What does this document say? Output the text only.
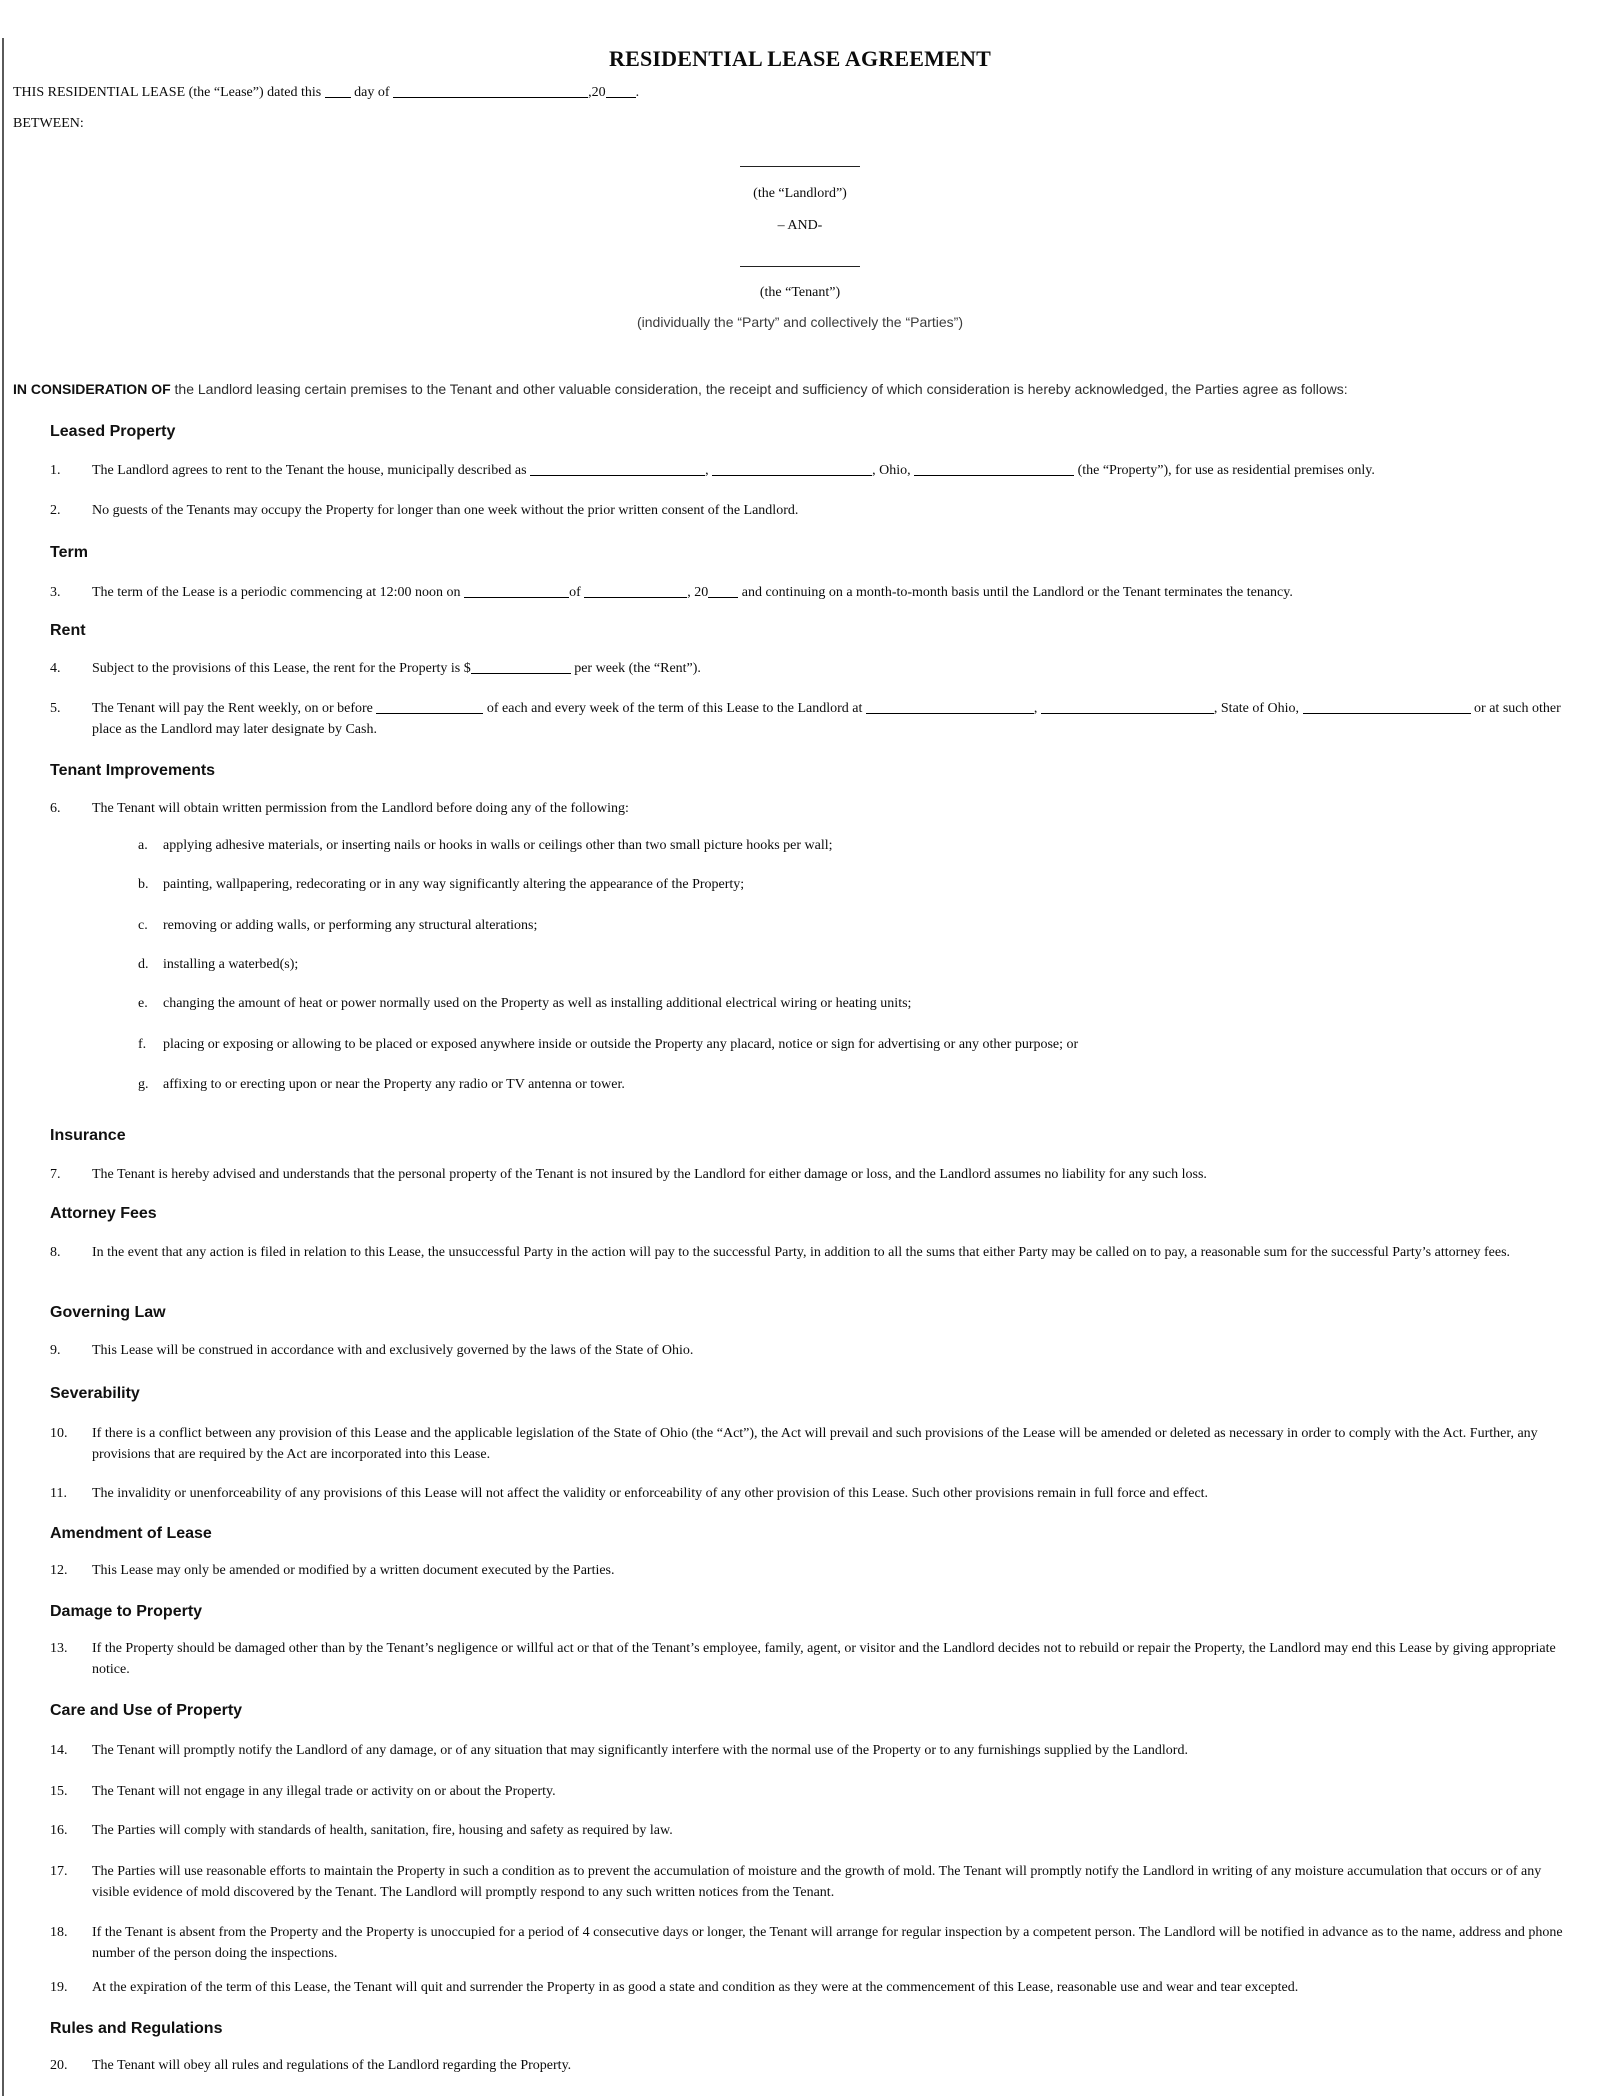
RESIDENTIAL LEASE AGREEMENT
THIS RESIDENTIAL LEASE (the “Lease”) dated this  day of	,20 .
BETWEEN:
(the “Landlord”)
– AND-
(the “Tenant”)
(individually the “Party” and collectively the “Parties”)
IN CONSIDERATION OF the Landlord leasing certain premises to the Tenant and other valuable consideration, the receipt and sufficiency of which consideration is hereby acknowledged, the Parties agree as follows:
Leased Property
1.	The Landlord agrees to rent to the Tenant the house, municipally described as	,	, Ohio,	(the “Property”), for use as residential premises only.
2.	No guests of the Tenants may occupy the Property for longer than one week without the prior written consent of the Landlord.
Term
3.	The term of the Lease is a periodic commencing at 12:00 noon on	of	, 20 and continuing on a month-to-month basis until the Landlord or the Tenant terminates the tenancy.
Rent
4.	Subject to the provisions of this Lease, the rent for the Property is $	per week (the “Rent”).
5.	The Tenant will pay the Rent weekly, on or before	of each and every week of the term of this Lease to the Landlord at	,	, State of Ohio,	or at such other place as the Landlord may later designate by Cash.
Tenant Improvements
6.	The Tenant will obtain written permission from the Landlord before doing any of the following:
a.	applying adhesive materials, or inserting nails or hooks in walls or ceilings other than two small picture hooks per wall;
b.	painting, wallpapering, redecorating or in any way significantly altering the appearance of the Property;
c.	removing or adding walls, or performing any structural alterations;
d.	installing a waterbed(s);
e.	changing the amount of heat or power normally used on the Property as well as installing additional electrical wiring or heating units;
f.	placing or exposing or allowing to be placed or exposed anywhere inside or outside the Property any placard, notice or sign for advertising or any other purpose; or
g.	affixing to or erecting upon or near the Property any radio or TV antenna or tower.
Insurance
7.	The Tenant is hereby advised and understands that the personal property of the Tenant is not insured by the Landlord for either damage or loss, and the Landlord assumes no liability for any such loss.
Attorney Fees
8.	In the event that any action is filed in relation to this Lease, the unsuccessful Party in the action will pay to the successful Party, in addition to all the sums that either Party may be called on to pay, a reasonable sum for the successful Party’s attorney fees.
Governing Law
9.	This Lease will be construed in accordance with and exclusively governed by the laws of the State of Ohio.
Severability
10.	If there is a conflict between any provision of this Lease and the applicable legislation of the State of Ohio (the “Act”), the Act will prevail and such provisions of the Lease will be amended or deleted as necessary in order to comply with the Act. Further, any provisions that are required by the Act are incorporated into this Lease.
11.	The invalidity or unenforceability of any provisions of this Lease will not affect the validity or enforceability of any other provision of this Lease. Such other provisions remain in full force and effect.
Amendment of Lease
12.	This Lease may only be amended or modified by a written document executed by the Parties.
Damage to Property
13.	If the Property should be damaged other than by the Tenant’s negligence or willful act or that of the Tenant’s employee, family, agent, or visitor and the Landlord decides not to rebuild or repair the Property, the Landlord may end this Lease by giving appropriate notice.
Care and Use of Property
14.	The Tenant will promptly notify the Landlord of any damage, or of any situation that may significantly interfere with the normal use of the Property or to any furnishings supplied by the Landlord.
15.	The Tenant will not engage in any illegal trade or activity on or about the Property.
16.	The Parties will comply with standards of health, sanitation, fire, housing and safety as required by law.
17.	The Parties will use reasonable efforts to maintain the Property in such a condition as to prevent the accumulation of moisture and the growth of mold. The Tenant will promptly notify the Landlord in writing of any moisture accumulation that occurs or of any visible evidence of mold discovered by the Tenant. The Landlord will promptly respond to any such written notices from the Tenant.
18.	If the Tenant is absent from the Property and the Property is unoccupied for a period of 4 consecutive days or longer, the Tenant will arrange for regular inspection by a competent person. The Landlord will be notified in advance as to the name, address and phone number of the person doing the inspections.
19.	At the expiration of the term of this Lease, the Tenant will quit and surrender the Property in as good a state and condition as they were at the commencement of this Lease, reasonable use and wear and tear excepted.
Rules and Regulations
20.	The Tenant will obey all rules and regulations of the Landlord regarding the Property.
